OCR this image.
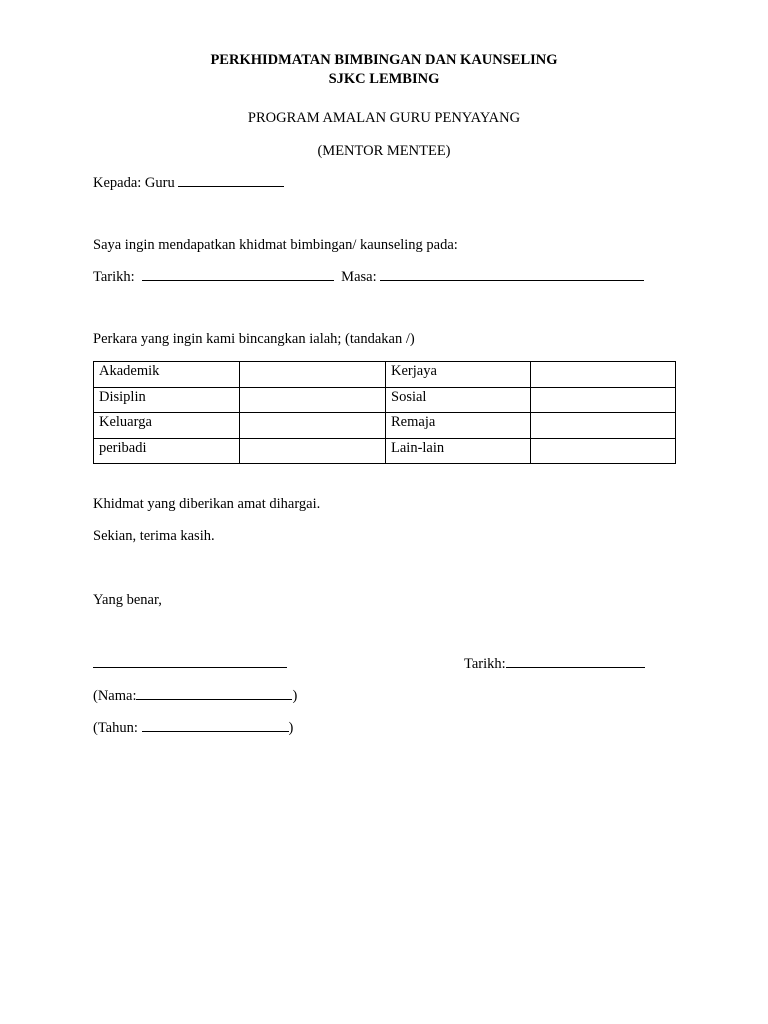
PERKHIDMATAN BIMBINGAN DAN KAUNSELING
SJKC LEMBING
PROGRAM AMALAN GURU PENYAYANG
(MENTOR MENTEE)
Kepada: Guru
Saya ingin mendapatkan khidmat bimbingan/ kaunseling pada:
Tarikh:	Masa:
Perkara yang ingin kami bincangkan ialah; (tandakan /)
Akademik		Kerjaya	
Disiplin		Sosial	
Keluarga		Remaja	
peribadi		Lain-lain	
Khidmat yang diberikan amat dihargai.
Sekian, terima kasih.
Yang benar,
Tarikh:
(Nama:	)
(Tahun:	)
